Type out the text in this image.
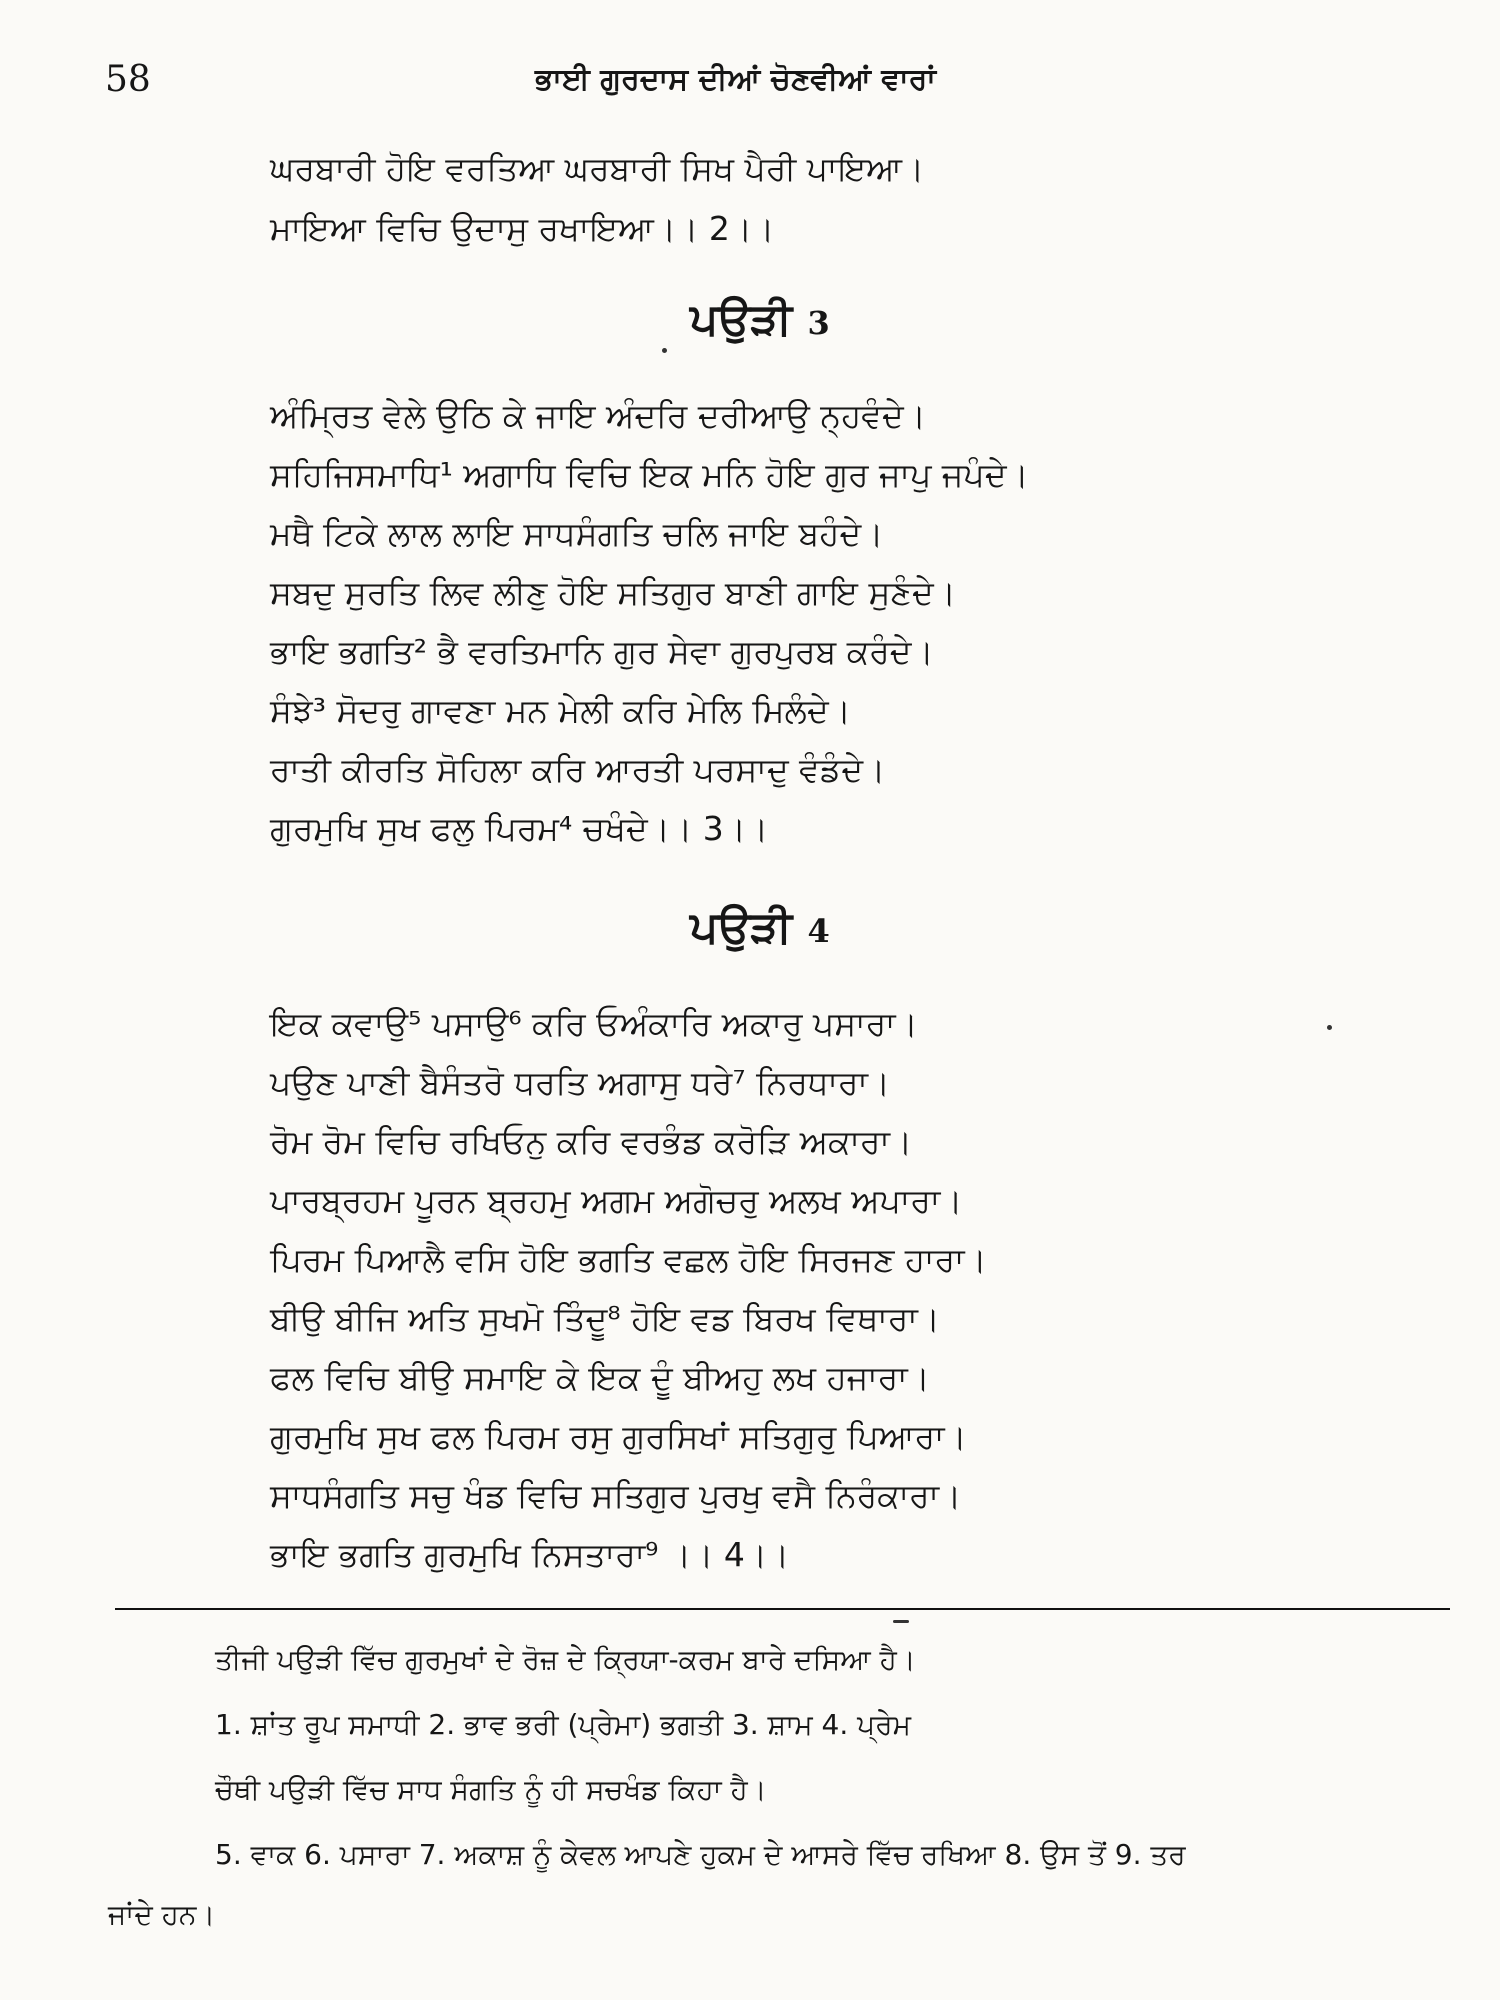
58	ਭਾਈ ਗੁਰਦਾਸ ਦੀਆਂ ਚੋਣਵੀਆਂ ਵਾਰਾਂ
ਘਰਬਾਰੀ ਹੋਇ ਵਰਤਿਆ ਘਰਬਾਰੀ ਸਿਖ ਪੈਰੀ ਪਾਇਆ।
ਮਾਇਆ ਵਿਚਿ ਉਦਾਸੁ ਰਖਾਇਆ।। 2।।
ਪਉੜੀ 3
ਅੰਮ੍ਰਿਤ ਵੇਲੇ ਉਠਿ ਕੇ ਜਾਇ ਅੰਦਰਿ ਦਰੀਆਉ ਨ੍ਹਵੰਦੇ।
ਸਹਿਜਿਸਮਾਧਿ¹ ਅਗਾਧਿ ਵਿਚਿ ਇਕ ਮਨਿ ਹੋਇ ਗੁਰ ਜਾਪੁ ਜਪੰਦੇ।
ਮਥੈ ਟਿਕੇ ਲਾਲ ਲਾਇ ਸਾਧਸੰਗਤਿ ਚਲਿ ਜਾਇ ਬਹੰਦੇ।
ਸਬਦੁ ਸੁਰਤਿ ਲਿਵ ਲੀਣੁ ਹੋਇ ਸਤਿਗੁਰ ਬਾਣੀ ਗਾਇ ਸੁਣੰਦੇ।
ਭਾਇ ਭਗਤਿ² ਭੈ ਵਰਤਿਮਾਨਿ ਗੁਰ ਸੇਵਾ ਗੁਰਪੁਰਬ ਕਰੰਦੇ।
ਸੰਝੇ³ ਸੋਦਰੁ ਗਾਵਣਾ ਮਨ ਮੇਲੀ ਕਰਿ ਮੇਲਿ ਮਿਲੰਦੇ।
ਰਾਤੀ ਕੀਰਤਿ ਸੋਹਿਲਾ ਕਰਿ ਆਰਤੀ ਪਰਸਾਦੁ ਵੰਡੰਦੇ।
ਗੁਰਮੁਖਿ ਸੁਖ ਫਲੁ ਪਿਰਮ⁴ ਚਖੰਦੇ।। 3।।
ਪਉੜੀ 4
ਇਕ ਕਵਾਉ⁵ ਪਸਾਉ⁶ ਕਰਿ ਓਅੰਕਾਰਿ ਅਕਾਰੁ ਪਸਾਰਾ।
ਪਉਣ ਪਾਣੀ ਬੈਸੰਤਰੋ ਧਰਤਿ ਅਗਾਸੁ ਧਰੇ⁷ ਨਿਰਧਾਰਾ।
ਰੋਮ ਰੋਮ ਵਿਚਿ ਰਖਿਓਨੁ ਕਰਿ ਵਰਭੰਡ ਕਰੋੜਿ ਅਕਾਰਾ।
ਪਾਰਬ੍ਰਹਮ ਪੂਰਨ ਬ੍ਰਹਮੁ ਅਗਮ ਅਗੋਚਰੁ ਅਲਖ ਅਪਾਰਾ।
ਪਿਰਮ ਪਿਆਲੈ ਵਸਿ ਹੋਇ ਭਗਤਿ ਵਛਲ ਹੋਇ ਸਿਰਜਣ ਹਾਰਾ।
ਬੀਉ ਬੀਜਿ ਅਤਿ ਸੁਖਮੋ ਤਿੰਦੂ⁸ ਹੋਇ ਵਡ ਬਿਰਖ ਵਿਥਾਰਾ।
ਫਲ ਵਿਚਿ ਬੀਉ ਸਮਾਇ ਕੇ ਇਕ ਦੂੰ ਬੀਅਹੁ ਲਖ ਹਜਾਰਾ।
ਗੁਰਮੁਖਿ ਸੁਖ ਫਲ ਪਿਰਮ ਰਸੁ ਗੁਰਸਿਖਾਂ ਸਤਿਗੁਰੁ ਪਿਆਰਾ।
ਸਾਧਸੰਗਤਿ ਸਚੁ ਖੰਡ ਵਿਚਿ ਸਤਿਗੁਰ ਪੁਰਖੁ ਵਸੈ ਨਿਰੰਕਾਰਾ।
ਭਾਇ ਭਗਤਿ ਗੁਰਮੁਖਿ ਨਿਸਤਾਰਾ⁹ ।। 4।।
ਤੀਜੀ ਪਉੜੀ ਵਿੱਚ ਗੁਰਮੁਖਾਂ ਦੇ ਰੋਜ਼ ਦੇ ਕ੍ਰਿਯਾ-ਕਰਮ ਬਾਰੇ ਦਸਿਆ ਹੈ।
1. ਸ਼ਾਂਤ ਰੂਪ ਸਮਾਧੀ 2. ਭਾਵ ਭਰੀ (ਪ੍ਰੇਮਾ) ਭਗਤੀ 3. ਸ਼ਾਮ 4. ਪ੍ਰੇਮ
ਚੌਥੀ ਪਉੜੀ ਵਿੱਚ ਸਾਧ ਸੰਗਤਿ ਨੂੰ ਹੀ ਸਚਖੰਡ ਕਿਹਾ ਹੈ।
5. ਵਾਕ 6. ਪਸਾਰਾ 7. ਅਕਾਸ਼ ਨੂੰ ਕੇਵਲ ਆਪਣੇ ਹੁਕਮ ਦੇ ਆਸਰੇ ਵਿੱਚ ਰਖਿਆ 8. ਉਸ ਤੋਂ 9. ਤਰ
ਜਾਂਦੇ ਹਨ।
